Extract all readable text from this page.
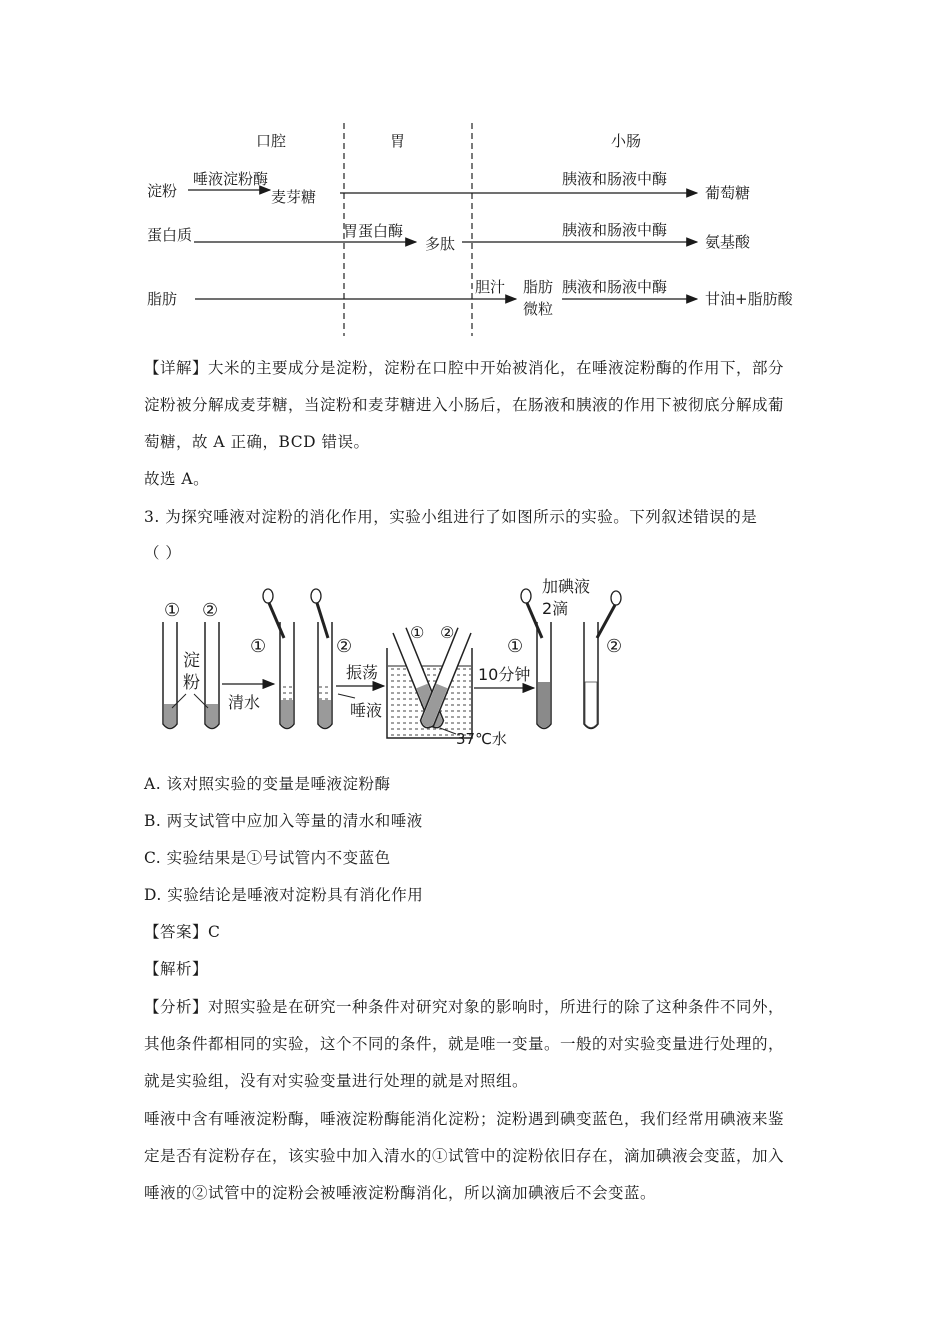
口腔	胃	小肠
淀粉
唾液淀粉酶
麦芽糖
胰液和肠液中酶
葡萄糖
蛋白质	胃蛋白酶
多肽
胰液和肠液中酶
氨基酸
脂肪
胆汁 脂肪
微粒
胰液和肠液中酶
甘油+脂肪酸
【详解】大米的主要成分是淀粉，淀粉在口腔中开始被消化，在唾液淀粉酶的作用下，部分
淀粉被分解成麦芽糖，当淀粉和麦芽糖进入小肠后，在肠液和胰液的作用下被彻底分解成葡
萄糖，故 A 正确，BCD 错误。
故选 A。
3. 为探究唾液对淀粉的消化作用，实验小组进行了如图所示的实验。下列叙述错误的是
（ ）
① ②
淀
粉
清水
①	②
唾液
振荡
① ②
37℃水
10分钟
加碘液
2滴
①	②
A. 该对照实验的变量是唾液淀粉酶
B. 两支试管中应加入等量的清水和唾液
C. 实验结果是①号试管内不变蓝色
D. 实验结论是唾液对淀粉具有消化作用
【答案】C
【解析】
【分析】对照实验是在研究一种条件对研究对象的影响时，所进行的除了这种条件不同外，
其他条件都相同的实验，这个不同的条件，就是唯一变量。一般的对实验变量进行处理的，
就是实验组，没有对实验变量进行处理的就是对照组。
唾液中含有唾液淀粉酶，唾液淀粉酶能消化淀粉；淀粉遇到碘变蓝色，我们经常用碘液来鉴
定是否有淀粉存在，该实验中加入清水的①试管中的淀粉依旧存在，滴加碘液会变蓝，加入
唾液的②试管中的淀粉会被唾液淀粉酶消化，所以滴加碘液后不会变蓝。
